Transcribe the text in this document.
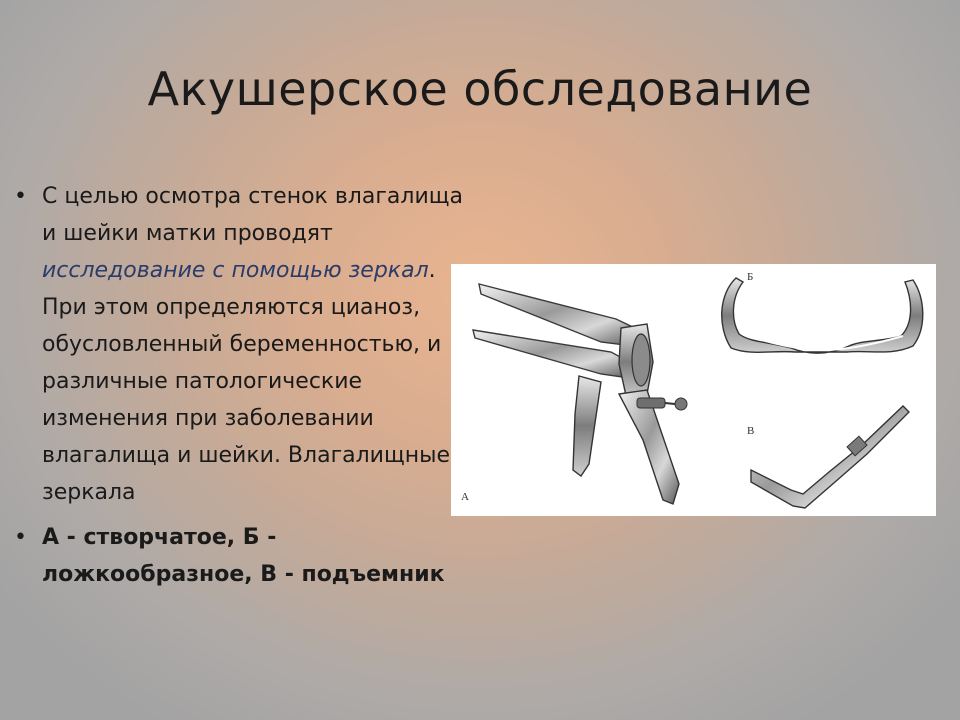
Акушерское обследование
• С целью осмотра стенок влагалища и шейки матки проводят исследование с помощью зеркал. При этом определяются цианоз, обусловленный беременностью, и различные патологические изменения при заболевании влагалища и шейки. Влагалищные зеркала
• А - створчатое, Б - ложкообразное, В - подъемник
А
Б
В
